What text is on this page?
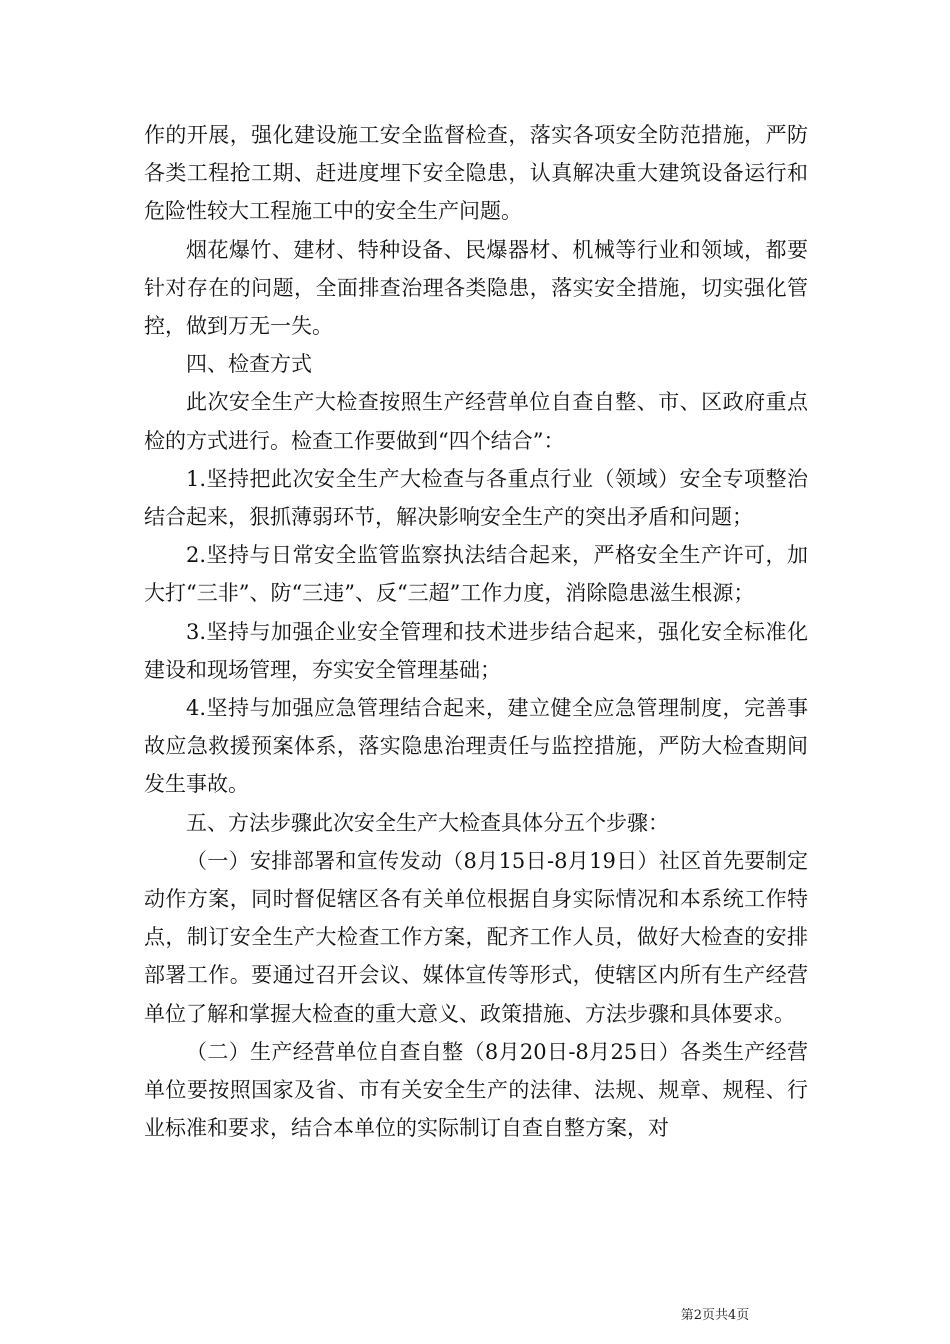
作的开展，强化建设施工安全监督检查，落实各项安全防范措施，严防各类工程抢工期、赶进度埋下安全隐患，认真解决重大建筑设备运行和危险性较大工程施工中的安全生产问题。

烟花爆竹、建材、特种设备、民爆器材、机械等行业和领域，都要针对存在的问题，全面排查治理各类隐患，落实安全措施，切实强化管控，做到万无一失。

四、检查方式

此次安全生产大检查按照生产经营单位自查自整、市、区政府重点检的方式进行。检查工作要做到“四个结合”：

1.坚持把此次安全生产大检查与各重点行业（领域）安全专项整治结合起来，狠抓薄弱环节，解决影响安全生产的突出矛盾和问题；

2.坚持与日常安全监管监察执法结合起来，严格安全生产许可，加大打“三非”、防“三违”、反“三超”工作力度，消除隐患滋生根源；

3.坚持与加强企业安全管理和技术进步结合起来，强化安全标准化建设和现场管理，夯实安全管理基础；

4.坚持与加强应急管理结合起来，建立健全应急管理制度，完善事故应急救援预案体系，落实隐患治理责任与监控措施，严防大检查期间发生事故。

五、方法步骤此次安全生产大检查具体分五个步骤：

（一）安排部署和宣传发动（8月15日-8月19日）社区首先要制定动作方案，同时督促辖区各有关单位根据自身实际情况和本系统工作特点，制订安全生产大检查工作方案，配齐工作人员，做好大检查的安排部署工作。要通过召开会议、媒体宣传等形式，使辖区内所有生产经营单位了解和掌握大检查的重大意义、政策措施、方法步骤和具体要求。

（二）生产经营单位自查自整（8月20日-8月25日）各类生产经营单位要按照国家及省、市有关安全生产的法律、法规、规章、规程、行业标准和要求，结合本单位的实际制订自查自整方案，对

第2页共4页
